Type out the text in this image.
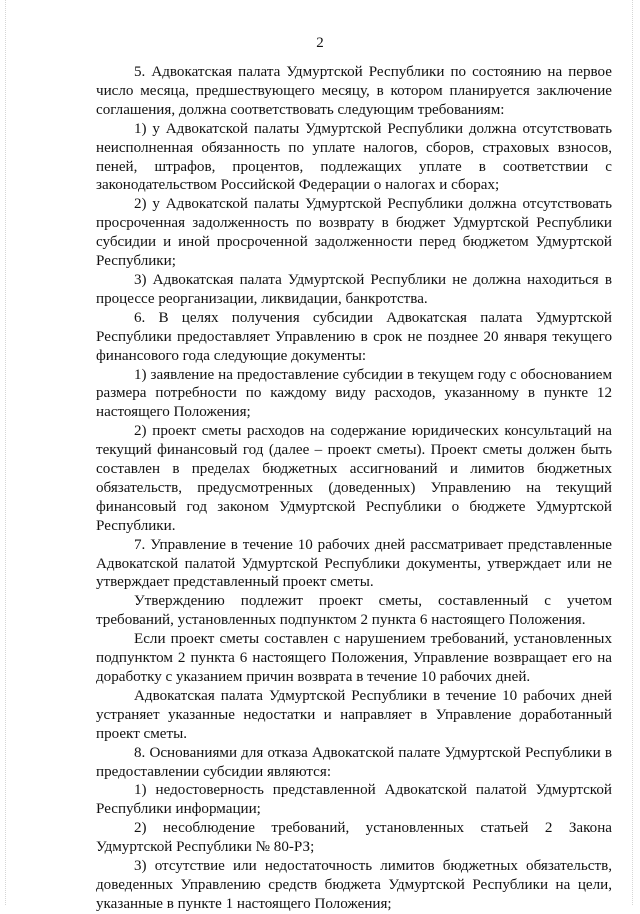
2

5. Адвокатская палата Удмуртской Республики по состоянию на первое число месяца, предшествующего месяцу, в котором планируется заключение соглашения, должна соответствовать следующим требованиям:

1) у Адвокатской палаты Удмуртской Республики должна отсутствовать неисполненная обязанность по уплате налогов, сборов, страховых взносов, пеней, штрафов, процентов, подлежащих уплате в соответствии с законодательством Российской Федерации о налогах и сборах;

2) у Адвокатской палаты Удмуртской Республики должна отсутствовать просроченная задолженность по возврату в бюджет Удмуртской Республики субсидии и иной просроченной задолженности перед бюджетом Удмуртской Республики;

3) Адвокатская палата Удмуртской Республики не должна находиться в процессе реорганизации, ликвидации, банкротства.

6. В целях получения субсидии Адвокатская палата Удмуртской Республики предоставляет Управлению в срок не позднее 20 января текущего финансового года следующие документы:

1) заявление на предоставление субсидии в текущем году с обоснованием размера потребности по каждому виду расходов, указанному в пункте 12 настоящего Положения;

2) проект сметы расходов на содержание юридических консультаций на текущий финансовый год (далее – проект сметы). Проект сметы должен быть составлен в пределах бюджетных ассигнований и лимитов бюджетных обязательств, предусмотренных (доведенных) Управлению на текущий финансовый год законом Удмуртской Республики о бюджете Удмуртской Республики.

7. Управление в течение 10 рабочих дней рассматривает представленные Адвокатской палатой Удмуртской Республики документы, утверждает или не утверждает представленный проект сметы.

Утверждению подлежит проект сметы, составленный с учетом требований, установленных подпунктом 2 пункта 6 настоящего Положения.

Если проект сметы составлен с нарушением требований, установленных подпунктом 2 пункта 6 настоящего Положения, Управление возвращает его на доработку с указанием причин возврата в течение 10 рабочих дней.

Адвокатская палата Удмуртской Республики в течение 10 рабочих дней устраняет указанные недостатки и направляет в Управление доработанный проект сметы.

8. Основаниями для отказа Адвокатской палате Удмуртской Республики в предоставлении субсидии являются:

1) недостоверность представленной Адвокатской палатой Удмуртской Республики информации;

2) несоблюдение требований, установленных статьей 2 Закона Удмуртской Республики № 80-РЗ;

3) отсутствие или недостаточность лимитов бюджетных обязательств, доведенных Управлению средств бюджета Удмуртской Республики на цели, указанные в пункте 1 настоящего Положения;
